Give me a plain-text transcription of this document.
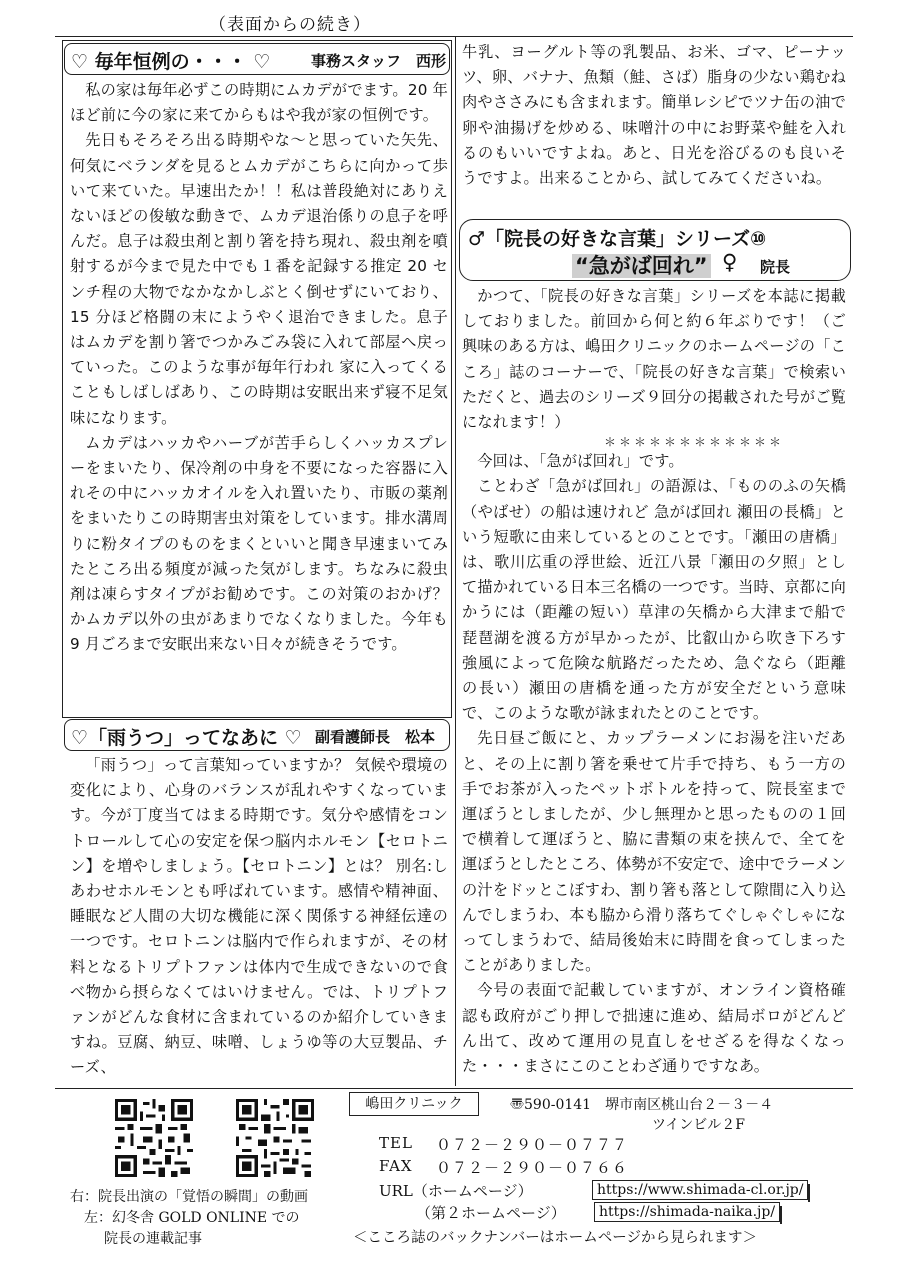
（表面からの続き）
♡ 毎年恒例の・・・ ♡	事務スタッフ　西形

私の家は毎年必ずこの時期にムカデがでます。20 年ほど前に今の家に来てからもはや我が家の恒例です。

先日もそろそろ出る時期やな～と思っていた矢先、何気にベランダを見るとムカデがこちらに向かって歩いて来ていた。早速出たか！！私は普段絶対にありえないほどの俊敏な動きで、ムカデ退治係りの息子を呼んだ。息子は殺虫剤と割り箸を持ち現れ、殺虫剤を噴射するが今まで見た中でも１番を記録する推定 20 センチ程の大物でなかなかしぶとく倒せずにいており、15 分ほど格闘の末にようやく退治できました。息子はムカデを割り箸でつかみごみ袋に入れて部屋へ戻っていった。このような事が毎年行われ 家に入ってくることもしばしばあり、この時期は安眠出来ず寝不足気味になります。

ムカデはハッカやハーブが苦手らしくハッカスプレーをまいたり、保冷剤の中身を不要になった容器に入れその中にハッカオイルを入れ置いたり、市販の薬剤をまいたりこの時期害虫対策をしています。排水溝周りに粉タイプのものをまくといいと聞き早速まいてみたところ出る頻度が減った気がします。ちなみに殺虫剤は凍らすタイプがお勧めです。この対策のおかげ？かムカデ以外の虫があまりでなくなりました。今年も 9 月ごろまで安眠出来ない日々が続きそうです。

♡「雨うつ」ってなあに ♡ 副看護師長　松本

「雨うつ」って言葉知っていますか？ 気候や環境の変化により、心身のバランスが乱れやすくなっています。今が丁度当てはまる時期です。気分や感情をコントロールして心の安定を保つ脳内ホルモン【セロトニン】を増やしましょう。【セロトニン】とは？ 別名:しあわせホルモンとも呼ばれています。感情や精神面、睡眠など人間の大切な機能に深く関係する神経伝達の一つです。セロトニンは脳内で作られますが、その材料となるトリプトファンは体内で生成できないので食べ物から摂らなくてはいけません。では、トリプトファンがどんな食材に含まれているのか紹介していきますね。豆腐、納豆、味噌、しょうゆ等の大豆製品、チーズ、

牛乳、ヨーグルト等の乳製品、お米、ゴマ、ピーナッツ、卵、バナナ、魚類（鮭、さば）脂身の少ない鶏むね肉やささみにも含まれます。簡単レシピでツナ缶の油で卵や油揚げを炒める、味噌汁の中にお野菜や鮭を入れるのもいいですよね。あと、日光を浴びるのも良いそうですよ。出来ることから、試してみてくださいね。

♂「院長の好きな言葉」シリーズ⑩
“急がば回れ” ♀ 院長

かつて、「院長の好きな言葉」シリーズを本誌に掲載しておりました。前回から何と約６年ぶりです！（ご興味のある方は、嶋田クリニックのホームページの「こころ」誌のコーナーで、「院長の好きな言葉」で検索いただくと、過去のシリーズ９回分の掲載された号がご覧になれます！）

＊＊＊＊＊＊＊＊＊＊＊＊

今回は、「急がば回れ」です。

ことわざ「急がば回れ」の語源は、「もののふの矢橋（やばせ）の船は速けれど 急がば回れ 瀬田の長橋」という短歌に由来しているとのことです。「瀬田の唐橋」は、歌川広重の浮世絵、近江八景「瀬田の夕照」として描かれている日本三名橋の一つです。当時、京都に向かうには（距離の短い）草津の矢橋から大津まで船で琵琶湖を渡る方が早かったが、比叡山から吹き下ろす強風によって危険な航路だったため、急ぐなら（距離の長い）瀬田の唐橋を通った方が安全だという意味で、このような歌が詠まれたとのことです。

先日昼ご飯にと、カップラーメンにお湯を注いだあと、その上に割り箸を乗せて片手で持ち、もう一方の手でお茶が入ったペットボトルを持って、院長室まで運ぼうとしましたが、少し無理かと思ったものの１回で横着して運ぼうと、脇に書類の束を挟んで、全てを運ぼうとしたところ、体勢が不安定で、途中でラーメンの汁をドッとこぼすわ、割り箸も落として隙間に入り込んでしまうわ、本も脇から滑り落ちてぐしゃぐしゃになってしまうわで、結局後始末に時間を食ってしまったことがありました。

今号の表面で記載していますが、オンライン資格確認も政府がごり押しで拙速に進め、結局ボロがどんどん出て、改めて運用の見直しをせざるを得なくなった・・・まさにこのことわざ通りですなあ。

右：院長出演の「覚悟の瞬間」の動画
左：幻冬舎 GOLD ONLINE での
院長の連載記事
嶋田クリニック	〠590-0141　堺市南区桃山台２－３－４
ツインビル２F
TEL ０７２－２９０－０７７７
FAX ０７２－２９０－０７６６
URL（ホームページ）	https://www.shimada-cl.or.jp/
（第２ホームページ）	https://shimada-naika.jp/
＜こころ誌のバックナンバーはホームページから見られます＞
